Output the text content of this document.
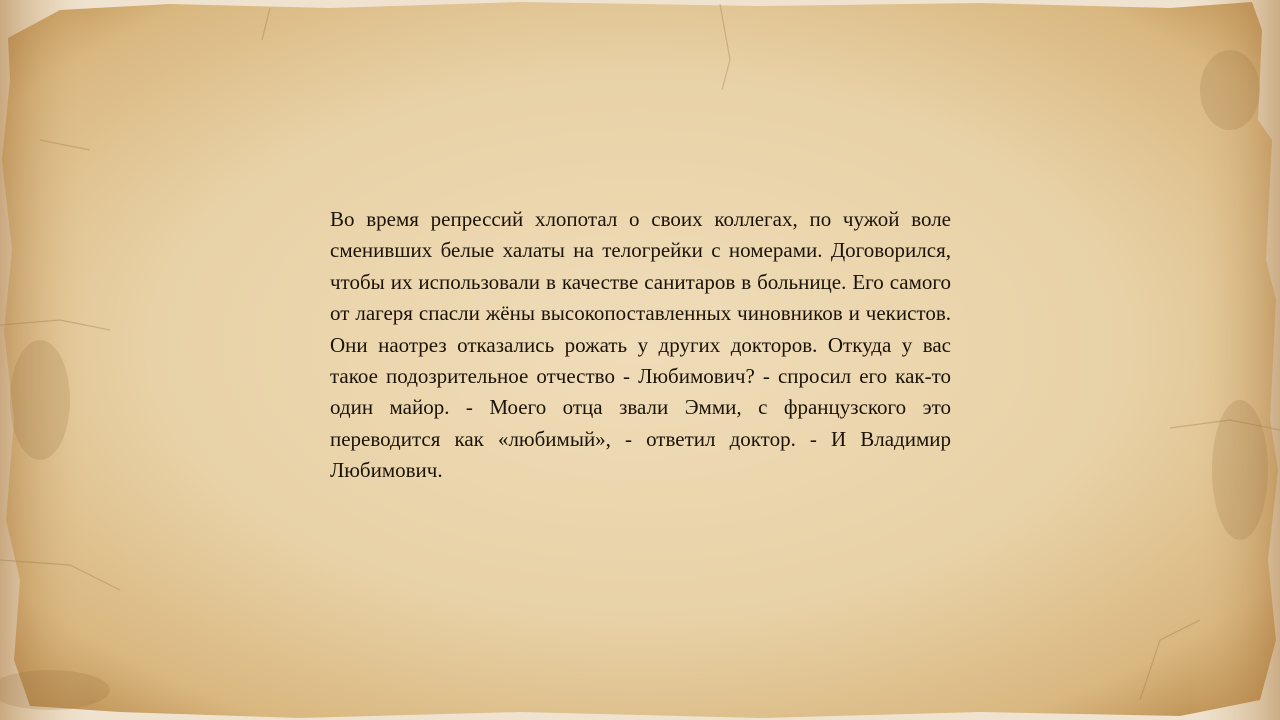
Во время репрессий хлопотал о своих коллегах, по чужой воле сменивших белые халаты на телогрейки с номерами. Договорился, чтобы их использовали в качестве санитаров в больнице. Его самого от лагеря спасли жёны высокопоставленных чиновников и чекистов. Они наотрез отказались рожать у других докторов. Откуда у вас такое подозрительное отчество - Любимович? - спросил его как-то один майор. - Моего отца звали Эмми, с французского это переводится как «любимый», - ответил доктор. - И Владимир Любимович.
